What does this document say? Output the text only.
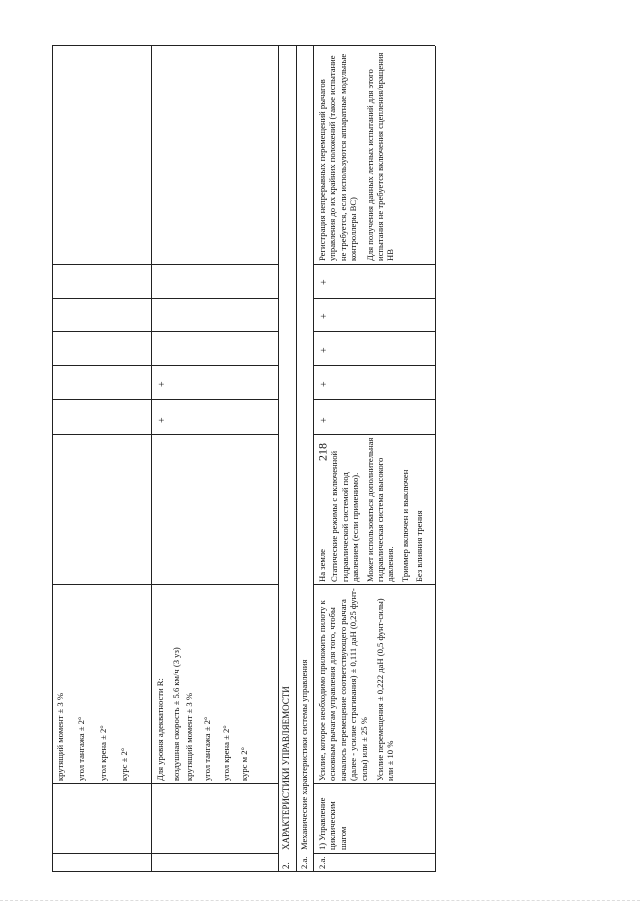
218

крутящий момент ± 3 % угол тангажа ± 2° угол крена ± 2° курс ± 2°	Для уровня адекватности R: воздушная скорость ± 5.6 км/ч (3 уз) крутящий момент ± 3 % угол тангажа ± 2° угол крена ± 2° курс м 2°

+
+
2.
ХАРАКТЕРИСТИКИ УПРАВЛЯЕМОСТИ
2.а.
Механические характеристики системы управления
2.а.
1) Управление циклическим шагом

Усилие, которое необходимо приложить пилоту к основным рычагам управления для того, чтобы началось перемещение соответствующего рычага (далее - усилие страгивания) ± 0,111 даН (0,25 фунт-силы) или ± 25 % Усилие перемещения ± 0,222 даН (0,5 фунт-силы) или ± 10 %

На земле Статические режимы с включенной гидравлической системой под давлением (если применимо). Может использоваться дополнительная гидравлическая система высокого давления. Триммер включен и выключен Без влияния трения

+
+
+
+
+

Регистрация непрерывных перемещений рычагов управления до их крайних положений (такое испытание не требуется, если используются аппаратные модульные контроллеры ВС) Для получения данных летных испытаний для этого испытания не требуется включения сцепления/вращения НВ
